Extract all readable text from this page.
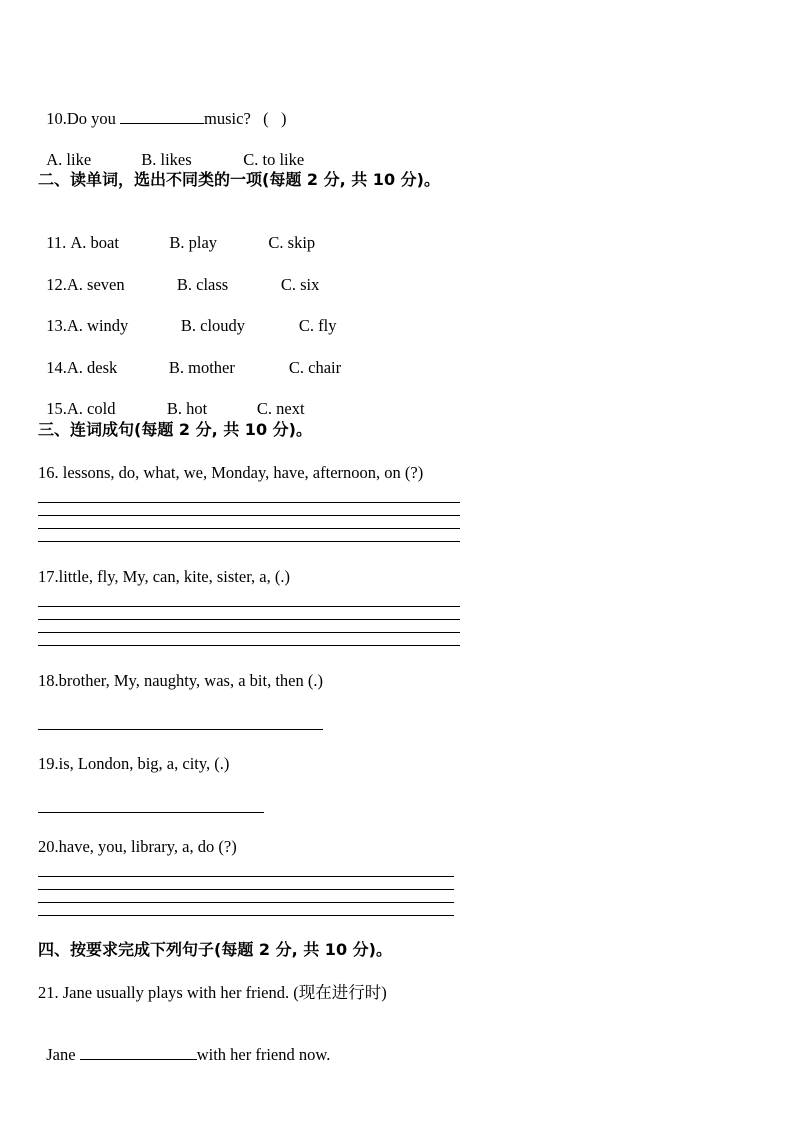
10.Do you	music? (   )

A. like	B. likes	C. to like

二、读单词，选出不同类的一项(每题 2 分, 共 10 分)。

11. A. boat	B. play	C. skip

12.A. seven	B. class	C. six

13.A. windy	B. cloudy	C. fly

14.A. desk	B. mother	C. chair

15.A. cold	B. hot	C. next

三、连词成句(每题 2 分, 共 10 分)。
16. lessons, do, what, we, Monday, have, afternoon, on (?)
17.little, fly, My, can, kite, sister, a, (.)
18.brother, My, naughty, was, a bit, then (.)
19.is, London, big, a, city, (.)
20.have, you, library, a, do (?)
四、按要求完成下列句子(每题 2 分, 共 10 分)。
21. Jane usually plays with her friend. (现在进行时)

Jane	with her friend now.
